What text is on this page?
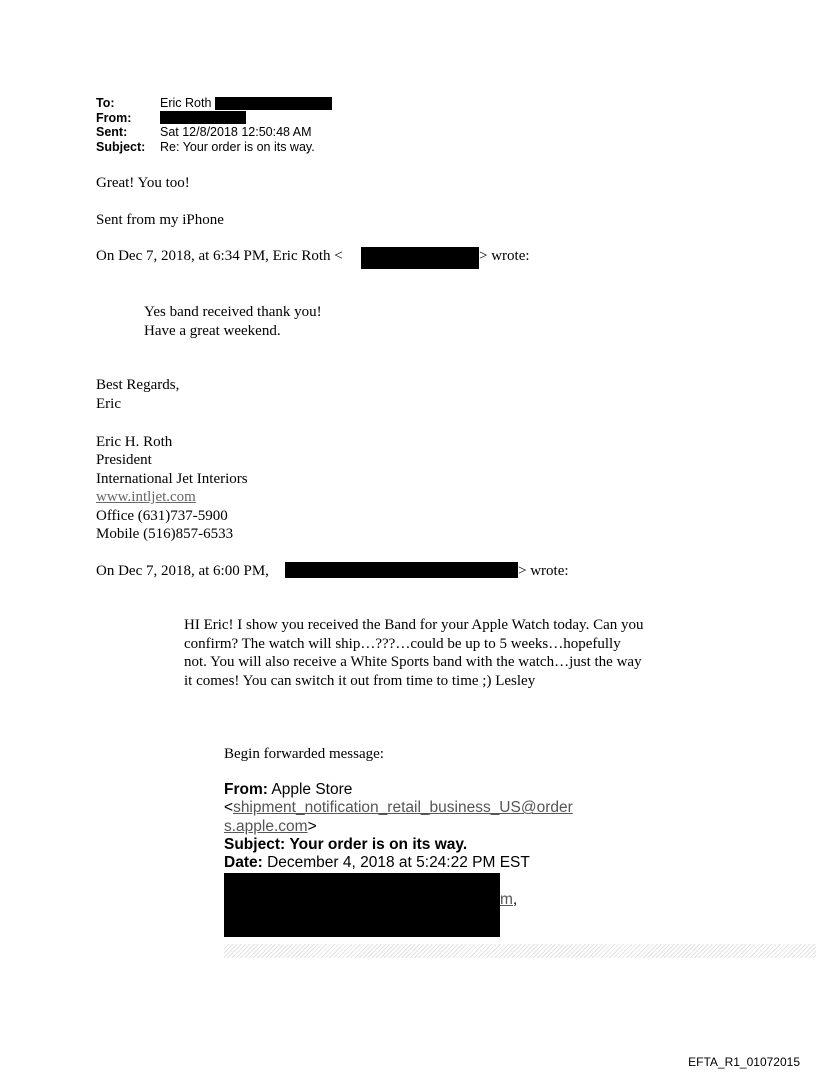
To:	Eric Roth
From:
Sent:	Sat 12/8/2018 12:50:48 AM
Subject:	Re: Your order is on its way.
Great! You too!
Sent from my iPhone
On Dec 7, 2018, at 6:34 PM, Eric Roth <	> wrote:
Yes band received thank you!
Have a great weekend.
Best Regards,
Eric
Eric H. Roth
President
International Jet Interiors
www.intljet.com
Office (631)737-5900
Mobile (516)857-6533
On Dec 7, 2018, at 6:00 PM,	> wrote:
HI Eric! I show you received the Band for your Apple Watch today. Can you confirm? The watch will ship…???…could be up to 5 weeks…hopefully not. You will also receive a White Sports band with the watch…just the way it comes! You can switch it out from time to time ;) Lesley
Begin forwarded message:
From: Apple Store
<shipment_notification_retail_business_US@order
s.apple.com>
Subject: Your order is on its way.
Date: December 4, 2018 at 5:24:22 PM EST
m,
EFTA_R1_01072015
